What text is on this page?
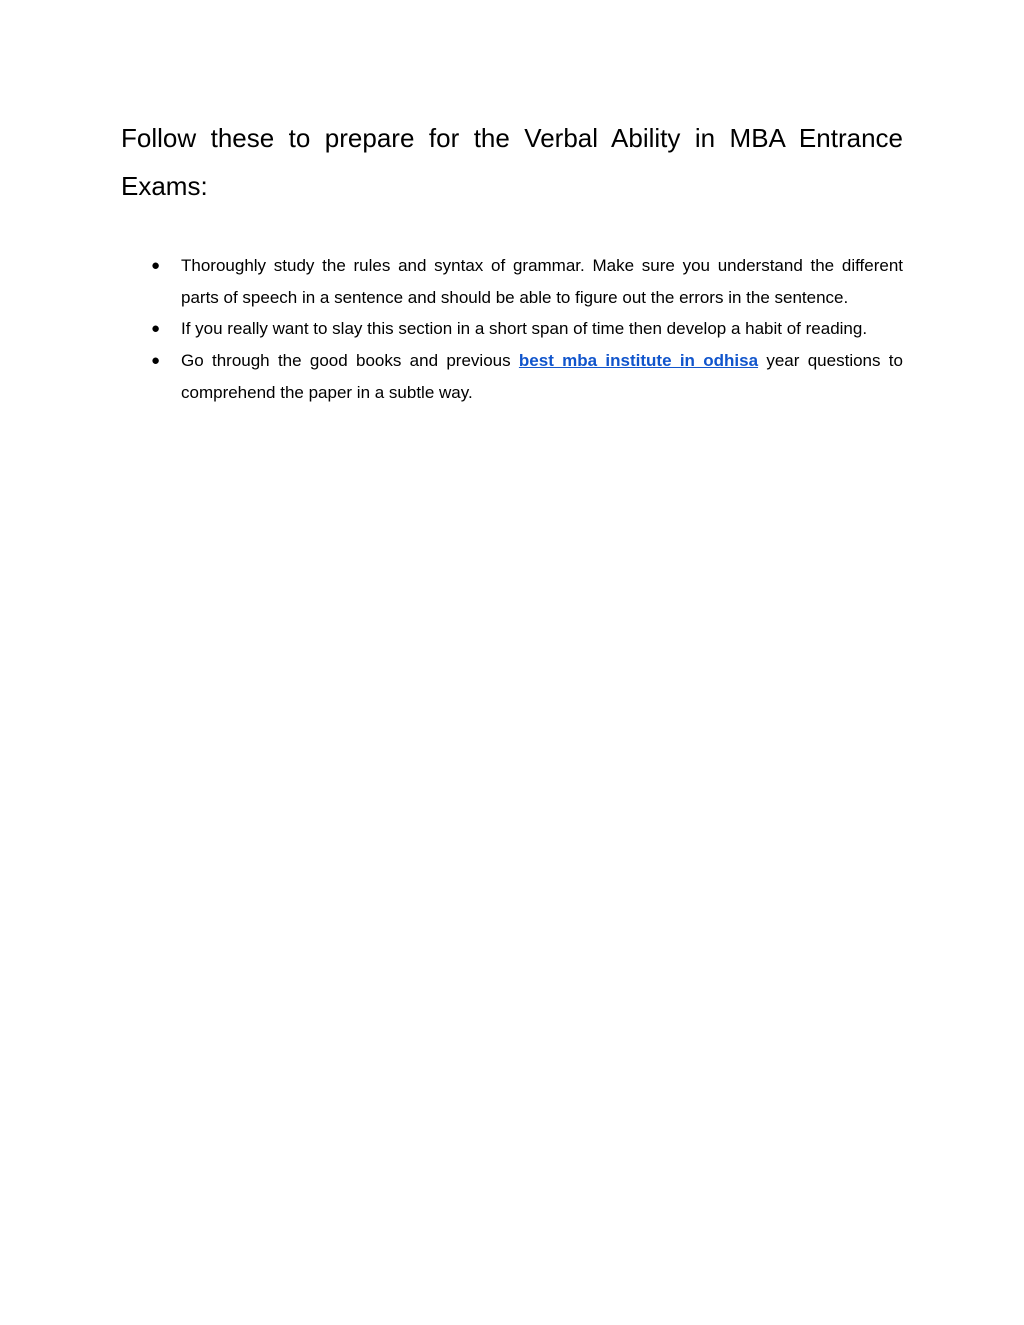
Follow these to prepare for the Verbal Ability in MBA Entrance Exams:
● Thoroughly study the rules and syntax of grammar. Make sure you understand the different parts of speech in a sentence and should be able to figure out the errors in the sentence.
● If you really want to slay this section in a short span of time then develop a habit of reading.
● Go through the good books and previous best mba institute in odhisa year questions to comprehend the paper in a subtle way.
